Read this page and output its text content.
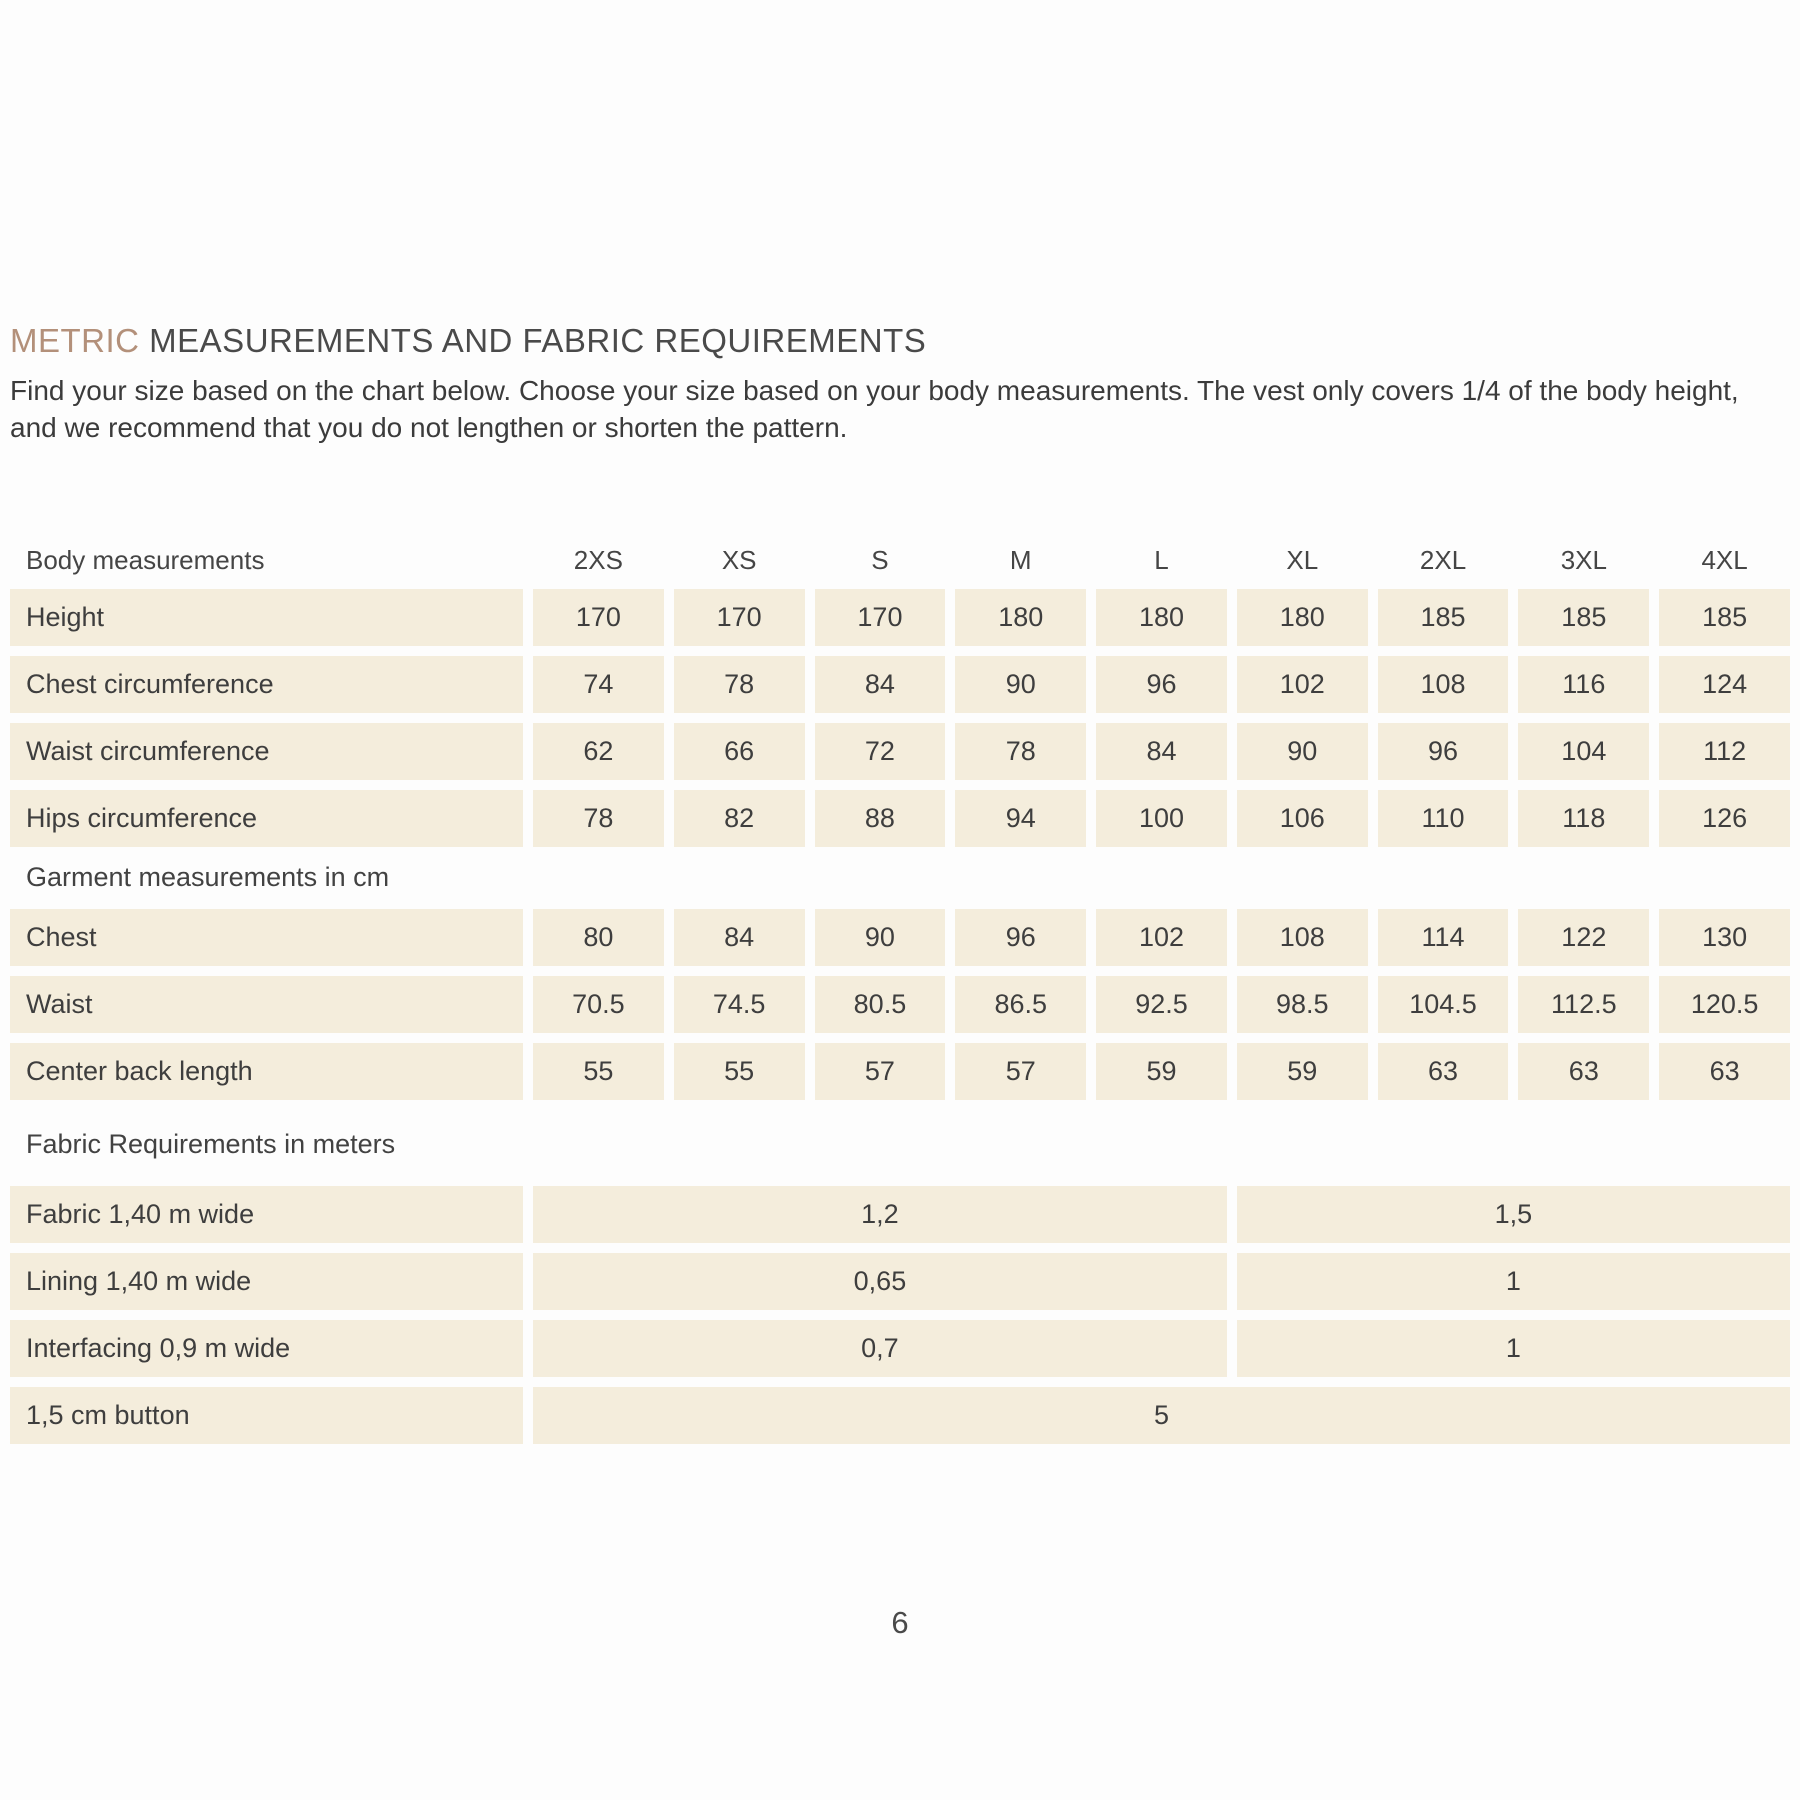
METRIC MEASUREMENTS AND FABRIC REQUIREMENTS
Find your size based on the chart below. Choose your size based on your body measurements. The vest only covers 1/4 of the body height, and we recommend that you do not lengthen or shorten the pattern.
Body measurements	2XS	XS	S	M	L	XL	2XL	3XL	4XL
Height	170	170	170	180	180	180	185	185	185
Chest circumference	74	78	84	90	96	102	108	116	124
Waist circumference	62	66	72	78	84	90	96	104	112
Hips circumference	78	82	88	94	100	106	110	118	126
Garment measurements in cm
Chest	80	84	90	96	102	108	114	122	130
Waist	70.5	74.5	80.5	86.5	92.5	98.5	104.5	112.5	120.5
Center back length	55	55	57	57	59	59	63	63	63
Fabric Requirements in meters
Fabric 1,40 m wide	1,2	1,5
Lining 1,40 m wide	0,65	1
Interfacing 0,9 m wide	0,7	1
1,5 cm button	5
6
